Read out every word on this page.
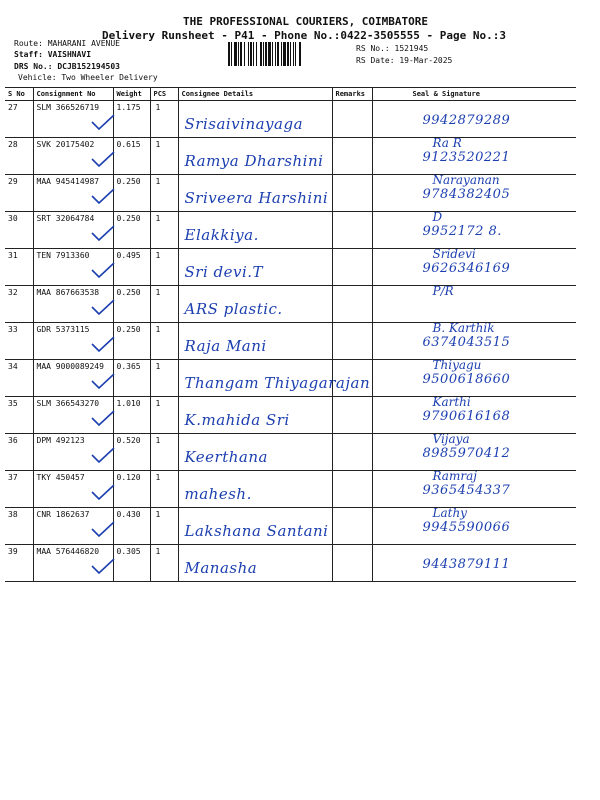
THE PROFESSIONAL COURIERS, COIMBATORE
Delivery Runsheet - P41 - Phone No.:0422-3505555 - Page No.:3
Route: MAHARANI AVENUE
Staff: VAISHNAVI
DRS No.: DCJB152194503
Vehicle: Two Wheeler Delivery
RS No.: 1521945
RS Date: 19-Mar-2025
S No	Consignment No	Weight	PCS	Consignee Details	Remarks	Seal & Signature
27	SLM 366526719	1.175	1	Srisaivinayaga		9942879289

28	SVK 20175402	0.615	1	Ramya Dharshini		Ra R
9123520221

29	MAA 945414987	0.250	1	Sriveera Harshini		Narayanan
9784382405

30	SRT 32064784	0.250	1	Elakkiya.		D
9952172 8.

31	TEN 7913360	0.495	1	Sri devi.T		Sridevi
9626346169

32	MAA 867663538	0.250	1	ARS plastic.		P/R

33	GDR 5373115	0.250	1	Raja Mani		B. Karthik
6374043515

34	MAA 9000089249	0.365	1	Thangam Thiyagarajan		Thiyagu
9500618660

35	SLM 366543270	1.010	1	K.mahida Sri		Karthi
9790616168

36	DPM 492123	0.520	1	Keerthana		Vijaya
8985970412

37	TKY 450457	0.120	1	mahesh.		Ramraj
9365454337

38	CNR 1862637	0.430	1	Lakshana Santani		Lathy
9945590066

39	MAA 576446820	0.305	1	Manasha		9443879111
